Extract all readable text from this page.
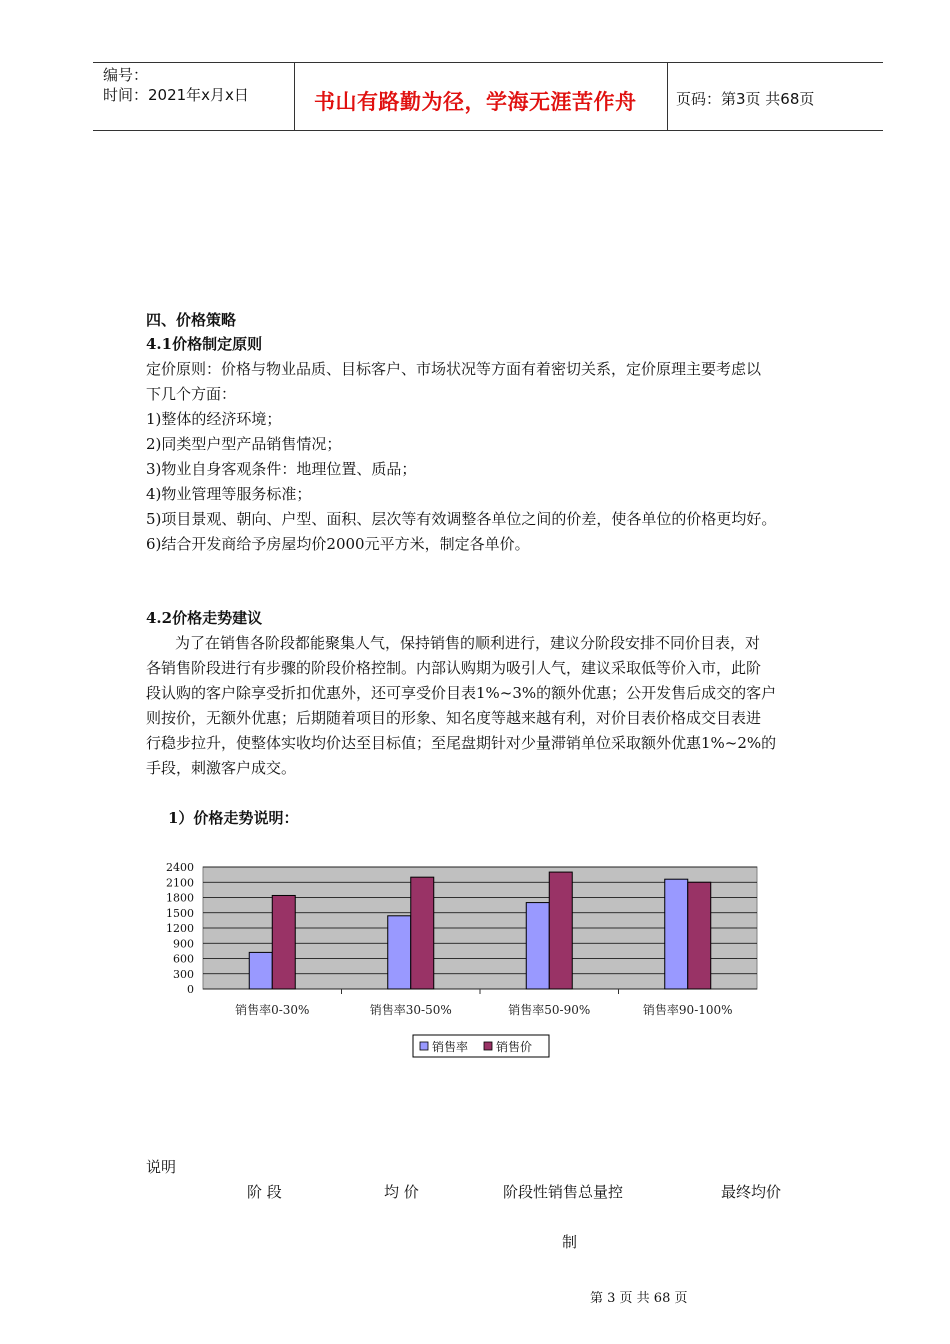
编号：
时间：2021年x月x日	书山有路勤为径，学海无涯苦作舟	页码：第3页 共68页
四、价格策略
4.1价格制定原则
定价原则：价格与物业品质、目标客户、市场状况等方面有着密切关系，定价原理主要考虑以
下几个方面：
1)整体的经济环境；
2)同类型户型产品销售情况；
3)物业自身客观条件：地理位置、质品；
4)物业管理等服务标准；
5)项目景观、朝向、户型、面积、层次等有效调整各单位之间的价差，使各单位的价格更均好。
6)结合开发商给予房屋均价2000元平方米，制定各单价。
4.2价格走势建议
为了在销售各阶段都能聚集人气，保持销售的顺利进行，建议分阶段安排不同价目表，对
各销售阶段进行有步骤的阶段价格控制。内部认购期为吸引人气，建议采取低等价入市，此阶
段认购的客户除享受折扣优惠外，还可享受价目表1%~3%的额外优惠；公开发售后成交的客户
则按价，无额外优惠；后期随着项目的形象、知名度等越来越有利，对价目表价格成交目表进
行稳步拉升，使整体实收均价达至目标值；至尾盘期针对少量滞销单位采取额外优惠1%~2%的
手段，刺激客户成交。
1）价格走势说明：
0
300
600
900
1200
1500
1800
2100
2400
销售率0-30%	销售率30-50%	销售率50-90%	销售率90-100%
销售率 销售价
说明
阶 段	均 价	阶段性销售总量控	最终均价
制
第 3 页 共 68 页
